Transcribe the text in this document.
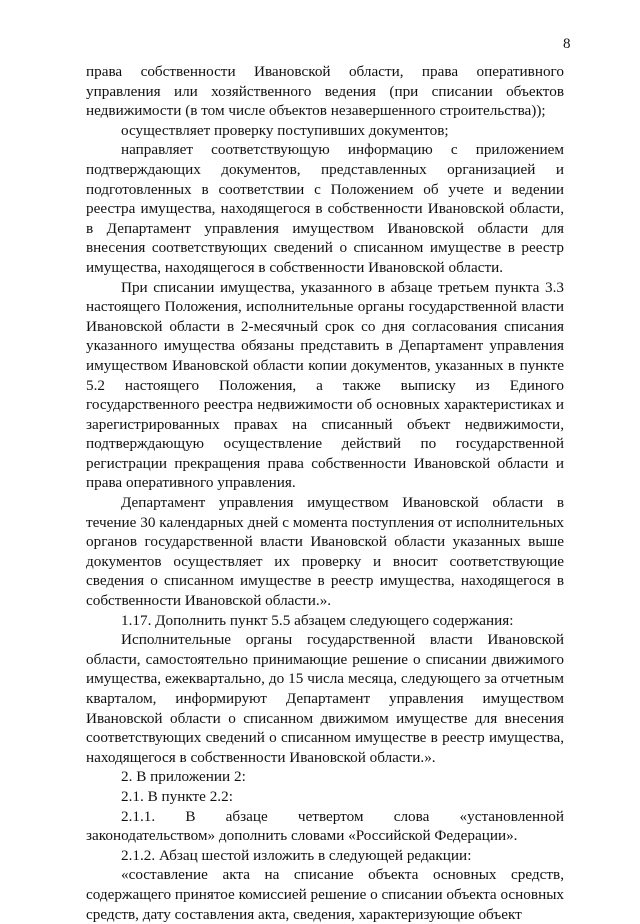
8

права собственности Ивановской области, права оперативного управления или хозяйственного ведения (при списании объектов недвижимости (в том числе объектов незавершенного строительства));

осуществляет проверку поступивших документов;

направляет соответствующую информацию с приложением подтверждающих документов, представленных организацией и подготовленных в соответствии с Положением об учете и ведении реестра имущества, находящегося в собственности Ивановской области, в Департамент управления имуществом Ивановской области для внесения соответствующих сведений о списанном имуществе в реестр имущества, находящегося в собственности Ивановской области.

При списании имущества, указанного в абзаце третьем пункта 3.3 настоящего Положения, исполнительные органы государственной власти Ивановской области в 2-месячный срок со дня согласования списания указанного имущества обязаны представить в Департамент управления имуществом Ивановской области копии документов, указанных в пункте 5.2 настоящего Положения, а также выписку из Единого государственного реестра недвижимости об основных характеристиках и зарегистрированных правах на списанный объект недвижимости, подтверждающую осуществление действий по государственной регистрации прекращения права собственности Ивановской области и права оперативного управления.

Департамент управления имуществом Ивановской области в течение 30 календарных дней с момента поступления от исполнительных органов государственной власти Ивановской области указанных выше документов осуществляет их проверку и вносит соответствующие сведения о списанном имуществе в реестр имущества, находящегося в собственности Ивановской области.».

1.17. Дополнить пункт 5.5 абзацем следующего содержания:

Исполнительные органы государственной власти Ивановской области, самостоятельно принимающие решение о списании движимого имущества, ежеквартально, до 15 числа месяца, следующего за отчетным кварталом, информируют Департамент управления имуществом Ивановской области о списанном движимом имуществе для внесения соответствующих сведений о списанном имуществе в реестр имущества, находящегося в собственности Ивановской области.».

2. В приложении 2:

2.1. В пункте 2.2:

2.1.1. В абзаце четвертом слова «установленной законодательством» дополнить словами «Российской Федерации».

2.1.2. Абзац шестой изложить в следующей редакции:

«составление акта на списание объекта основных средств, содержащего принятое комиссией решение о списании объекта основных средств, дату составления акта, сведения, характеризующие объект
